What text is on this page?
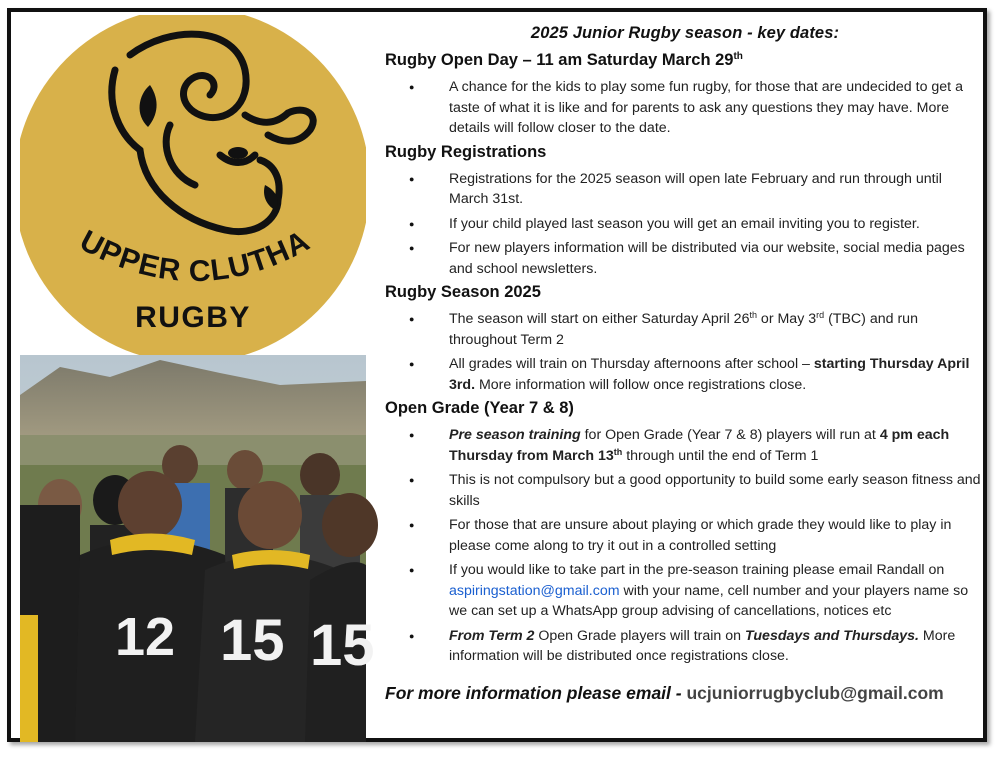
UPPER CLUTHA
RUGBY
12 15 15
2025 Junior Rugby season - key dates:
Rugby Open Day – 11 am Saturday March 29th
● A chance for the kids to play some fun rugby, for those that are undecided to get a taste of what it is like and for parents to ask any questions they may have. More details will follow closer to the date.
Rugby Registrations
● Registrations for the 2025 season will open late February and run through until March 31st.
● If your child played last season you will get an email inviting you to register.
● For new players information will be distributed via our website, social media pages and school newsletters.
Rugby Season 2025
● The season will start on either Saturday April 26th or May 3rd (TBC) and run throughout Term 2
● All grades will train on Thursday afternoons after school – starting Thursday April 3rd. More information will follow once registrations close.
Open Grade (Year 7 & 8)
● Pre season training for Open Grade (Year 7 & 8) players will run at 4 pm each Thursday from March 13th through until the end of Term 1
● This is not compulsory but a good opportunity to build some early season fitness and skills
● For those that are unsure about playing or which grade they would like to play in please come along to try it out in a controlled setting
● If you would like to take part in the pre-season training please email Randall on aspiringstation@gmail.com with your name, cell number and your players name so we can set up a WhatsApp group advising of cancellations, notices etc
● From Term 2 Open Grade players will train on Tuesdays and Thursdays. More information will be distributed once registrations close.
For more information please email - ucjuniorrugbyclub@gmail.com
